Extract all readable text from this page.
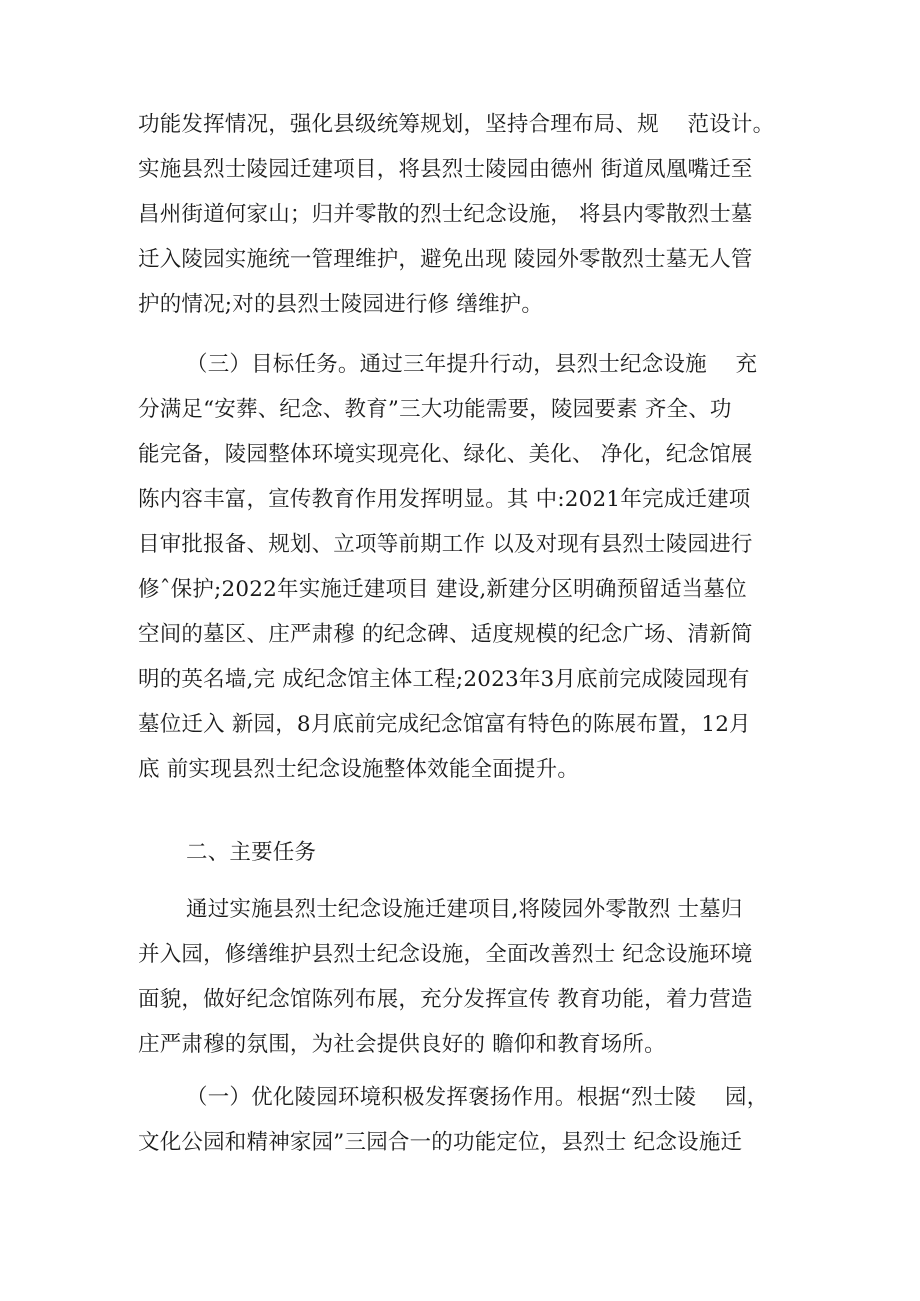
功能发挥情况，强化县级统筹规划，坚持合理布局、规　 范设计。
实施县烈士陵园迁建项目，将县烈士陵园由德州 街道凤凰嘴迁至
昌州街道何家山；归并零散的烈士纪念设施， 将县内零散烈士墓
迁入陵园实施统一管理维护，避免出现 陵园外零散烈士墓无人管
护的情况;对的县烈士陵园进行修 缮维护。
（三）目标任务。通过三年提升行动，县烈士纪念设施　 充
分满足“安葬、纪念、教育”三大功能需要，陵园要素 齐全、功
能完备，陵园整体环境实现亮化、绿化、美化、 净化，纪念馆展
陈内容丰富，宣传教育作用发挥明显。其 中:2021年完成迁建项
目审批报备、规划、立项等前期工作 以及对现有县烈士陵园进行
修ˆ保护;2022年实施迁建项目 建设,新建分区明确预留适当墓位
空间的墓区、庄严肃穆 的纪念碑、适度规模的纪念广场、清新简
明的英名墙,完 成纪念馆主体工程;2023年3月底前完成陵园现有
墓位迁入 新园，8月底前完成纪念馆富有特色的陈展布置，12月
底 前实现县烈士纪念设施整体效能全面提升。
二、主要任务
通过实施县烈士纪念设施迁建项目,将陵园外零散烈 士墓归
并入园，修缮维护县烈士纪念设施，全面改善烈士 纪念设施环境
面貌，做好纪念馆陈列布展，充分发挥宣传 教育功能，着力营造
庄严肃穆的氛围，为社会提供良好的 瞻仰和教育场所。
（一）优化陵园环境积极发挥褒扬作用。根据“烈士陵　 园，
文化公园和精神家园”三园合一的功能定位，县烈士 纪念设施迁
